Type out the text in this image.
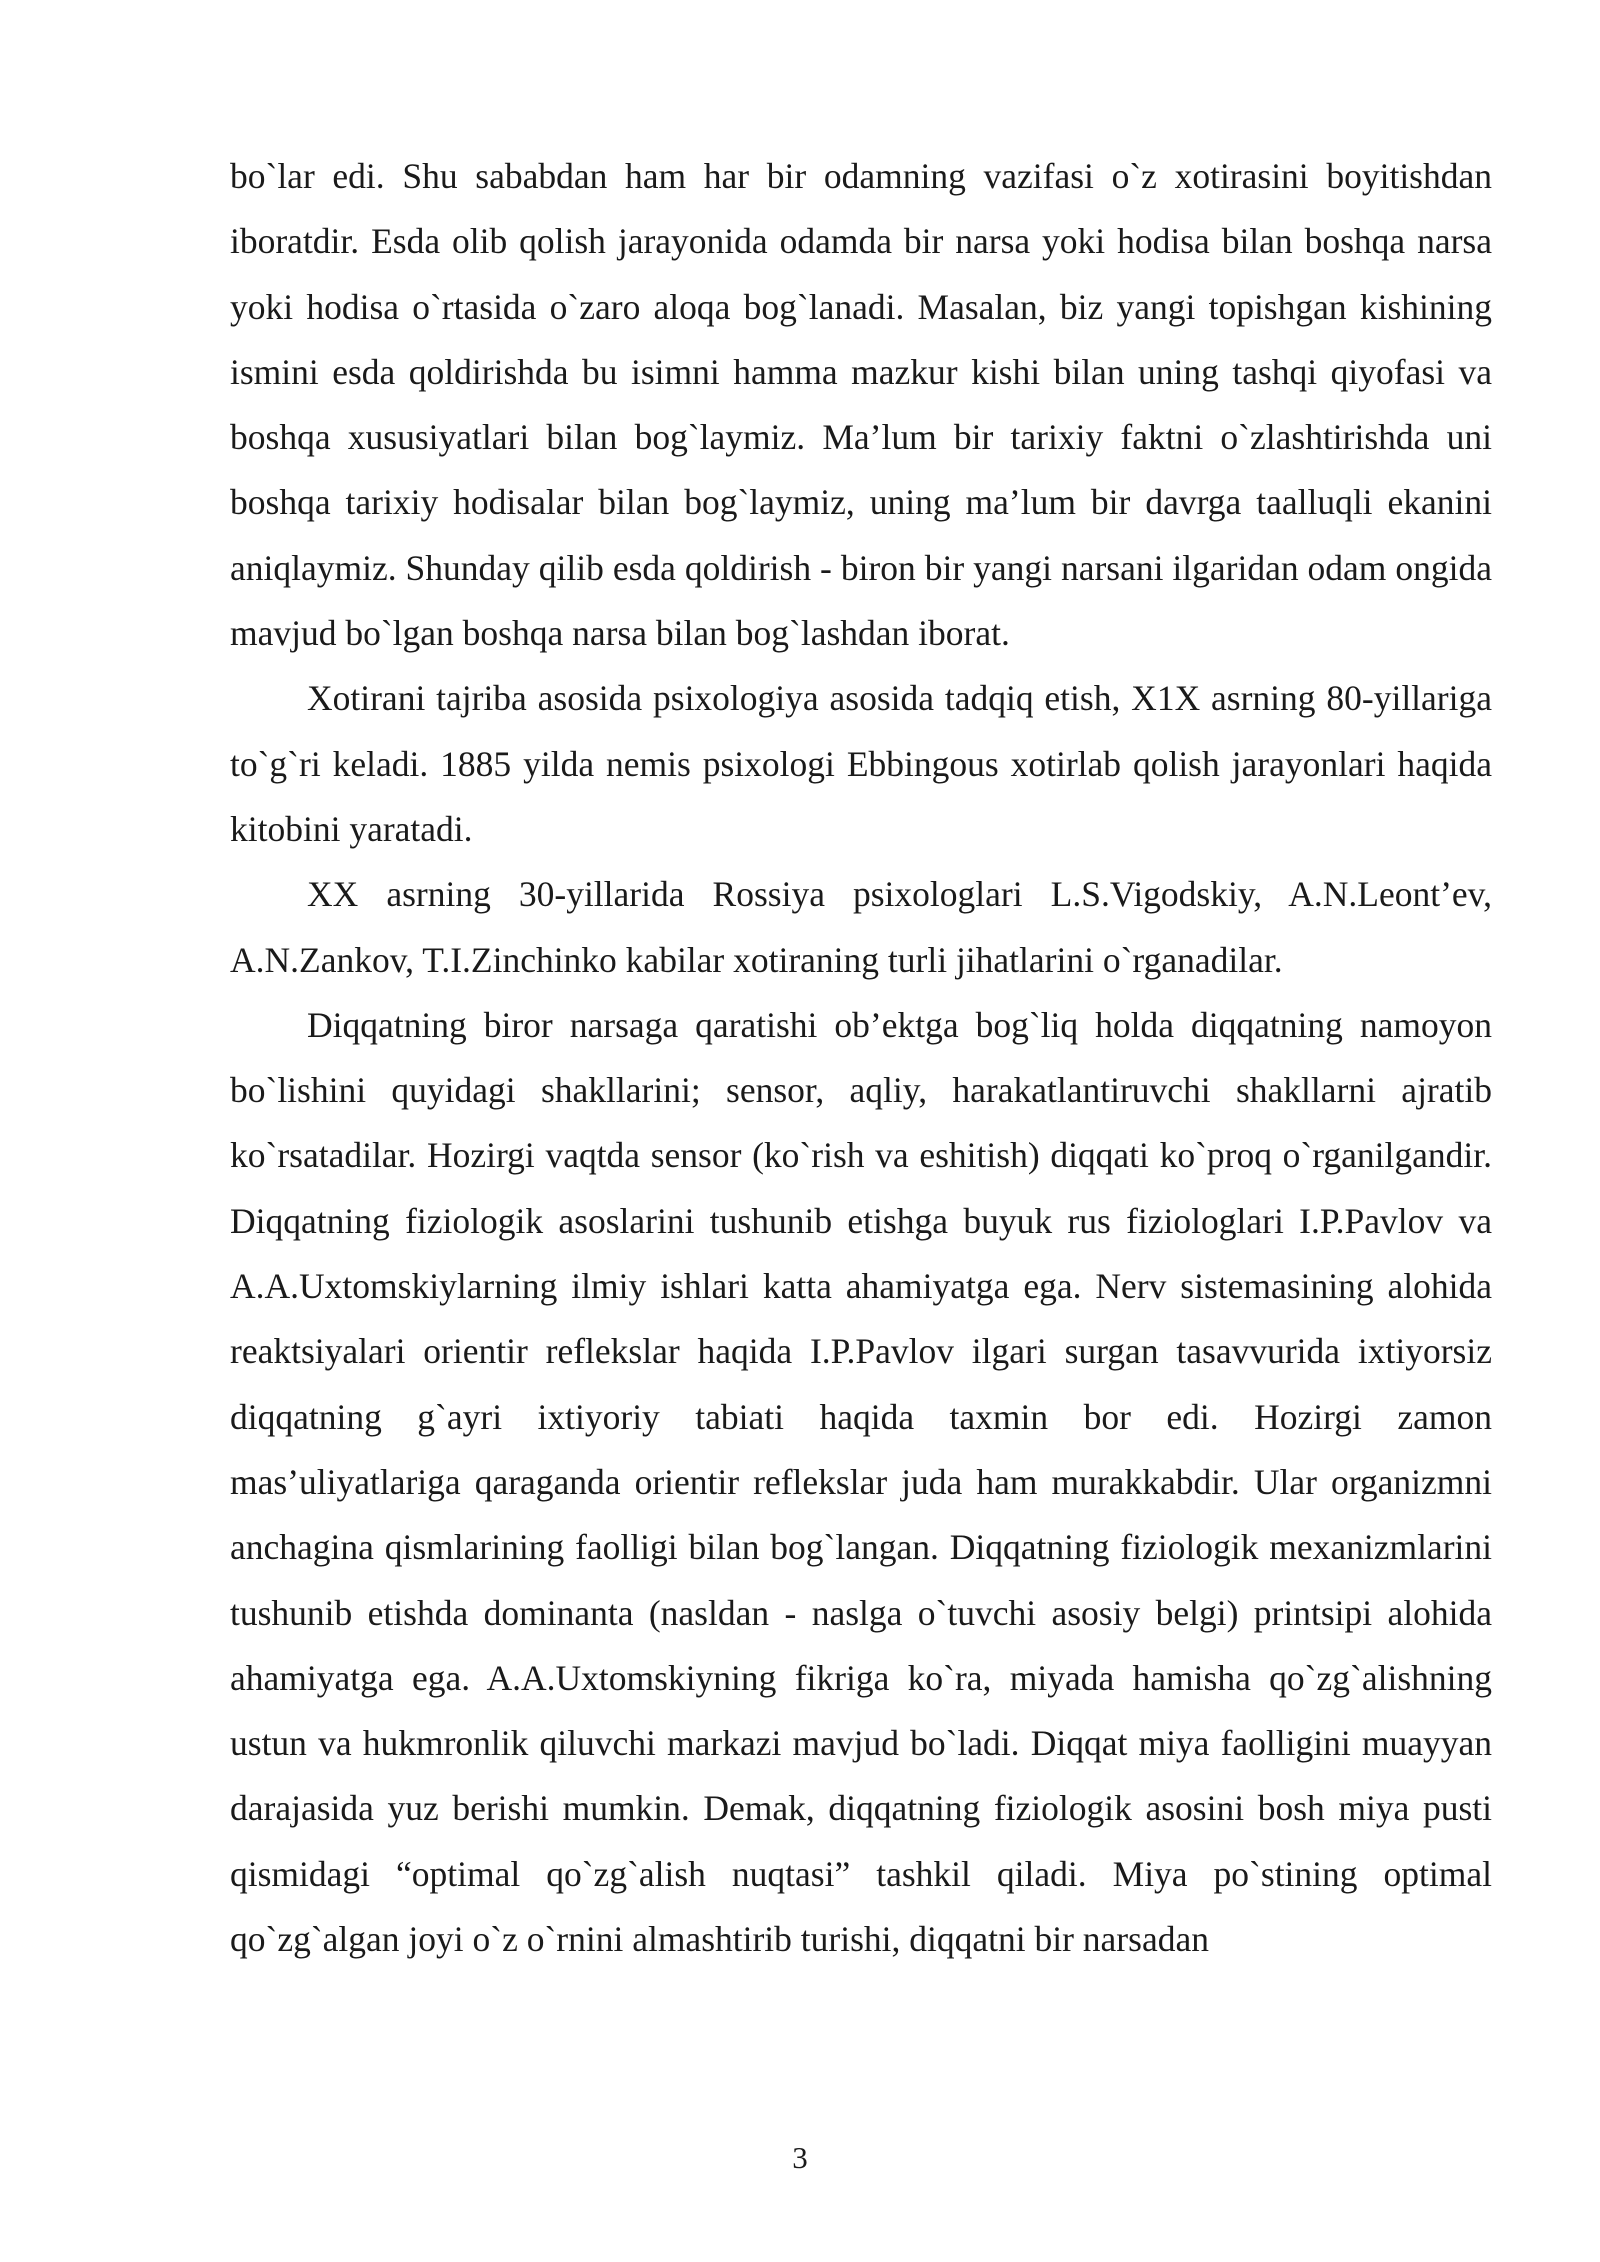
bo`lar edi. Shu sababdan ham har bir odamning vazifasi o`z xotirasini boyitishdan iboratdir. Esda olib qolish jarayonida odamda bir narsa yoki hodisa bilan boshqa narsa yoki hodisa o`rtasida o`zaro aloqa bog`lanadi. Masalan, biz yangi topishgan kishining ismini esda qoldirishda bu isimni hamma mazkur kishi bilan uning tashqi qiyofasi va boshqa xususiyatlari bilan bog`laymiz. Ma’lum bir tarixiy faktni o`zlashtirishda uni boshqa tarixiy hodisalar bilan bog`laymiz, uning ma’lum bir davrga taalluqli ekanini aniqlaymiz. Shunday qilib esda qoldirish - biron bir yangi narsani ilgaridan odam ongida mavjud bo`lgan boshqa narsa bilan bog`lashdan iborat.

Xotirani tajriba asosida psixologiya asosida tadqiq etish, X1X asrning 80-yillariga to`g`ri keladi. 1885 yilda nemis psixologi Ebbingous xotirlab qolish jarayonlari haqida kitobini yaratadi.

XX asrning 30-yillarida Rossiya psixologlari L.S.Vigodskiy, A.N.Leont’ev, A.N.Zankov, T.I.Zinchinko kabilar xotiraning turli jihatlarini o`rganadilar.

Diqqatning biror narsaga qaratishi ob’ektga bog`liq holda diqqatning namoyon bo`lishini quyidagi shakllarini; sensor, aqliy, harakatlantiruvchi shakllarni ajratib ko`rsatadilar. Hozirgi vaqtda sensor (ko`rish va eshitish) diqqati ko`proq o`rganilgandir. Diqqatning fiziologik asoslarini tushunib etishga buyuk rus fiziologlari I.P.Pavlov va A.A.Uxtomskiylarning ilmiy ishlari katta ahamiyatga ega. Nerv sistemasining alohida reaktsiyalari orientir reflekslar haqida I.P.Pavlov ilgari surgan tasavvurida ixtiyorsiz diqqatning g`ayri ixtiyoriy tabiati haqida taxmin bor edi. Hozirgi zamon mas’uliyatlariga qaraganda orientir reflekslar juda ham murakkabdir. Ular organizmni anchagina qismlarining faolligi bilan bog`langan. Diqqatning fiziologik mexanizmlarini tushunib etishda dominanta (nasldan - naslga o`tuvchi asosiy belgi) printsipi alohida ahamiyatga ega. A.A.Uxtomskiyning fikriga ko`ra, miyada hamisha qo`zg`alishning ustun va hukmronlik qiluvchi markazi mavjud bo`ladi. Diqqat miya faolligini muayyan darajasida yuz berishi mumkin. Demak, diqqatning fiziologik asosini bosh miya pusti qismidagi “optimal qo`zg`alish nuqtasi” tashkil qiladi. Miya po`stining optimal qo`zg`algan joyi o`z o`rnini almashtirib turishi, diqqatni bir narsadan

3
